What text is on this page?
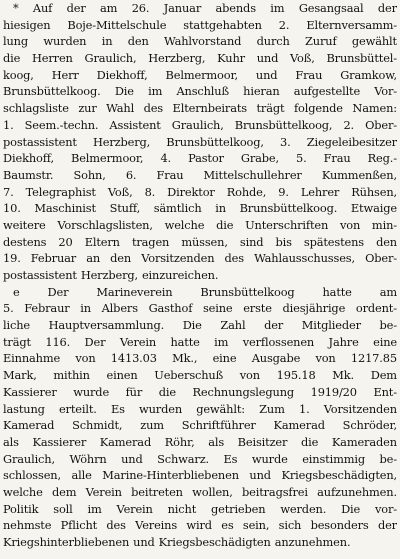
* Auf der am 26. Januar abends im Gesangsaal der
hiesigen Boje-Mittelschule stattgehabten 2. Elternversamm-
lung wurden in den Wahlvorstand durch Zuruf gewählt
die Herren Graulich, Herzberg, Kuhr und Voß, Brunsbüttel-
koog, Herr Diekhoff, Belmermoor, und Frau Gramkow,
Brunsbüttelkoog. Die im Anschluß hieran aufgestellte Vor-
schlagsliste zur Wahl des Elternbeirats trägt folgende Namen:
1. Seem.-techn. Assistent Graulich, Brunsbüttelkoog, 2. Ober-
postassistent Herzberg, Brunsbüttelkoog, 3. Ziegeleibesitzer
Diekhoff, Belmermoor, 4. Pastor Grabe, 5. Frau Reg.-
Baumstr. Sohn, 6. Frau Mittelschullehrer Kummenßen,
7. Telegraphist Voß, 8. Direktor Rohde, 9. Lehrer Rühsen,
10. Maschinist Stuff, sämtlich in Brunsbüttelkoog. Etwaige
weitere Vorschlagslisten, welche die Unterschriften von min-
destens 20 Eltern tragen müssen, sind bis spätestens den
19. Februar an den Vorsitzenden des Wahlausschusses, Ober-
postassistent Herzberg, einzureichen.
e Der Marineverein Brunsbüttelkoog hatte am
5. Febraur in Albers Gasthof seine erste diesjährige ordent-
liche Hauptversammlung. Die Zahl der Mitglieder be-
trägt 116. Der Verein hatte im verflossenen Jahre eine
Einnahme von 1413.03 Mk., eine Ausgabe von 1217.85
Mark, mithin einen Ueberschuß von 195.18 Mk. Dem
Kassierer wurde für die Rechnungslegung 1919/20 Ent-
lastung erteilt. Es wurden gewählt: Zum 1. Vorsitzenden
Kamerad Schmidt, zum Schriftführer Kamerad Schröder,
als Kassierer Kamerad Röhr, als Beisitzer die Kameraden
Graulich, Wöhrn und Schwarz. Es wurde einstimmig be-
schlossen, alle Marine-Hinterbliebenen und Kriegsbeschädigten,
welche dem Verein beitreten wollen, beitragsfrei aufzunehmen.
Politik soll im Verein nicht getrieben werden. Die vor-
nehmste Pflicht des Vereins wird es sein, sich besonders der
Kriegshinterbliebenen und Kriegsbeschädigten anzunehmen.
